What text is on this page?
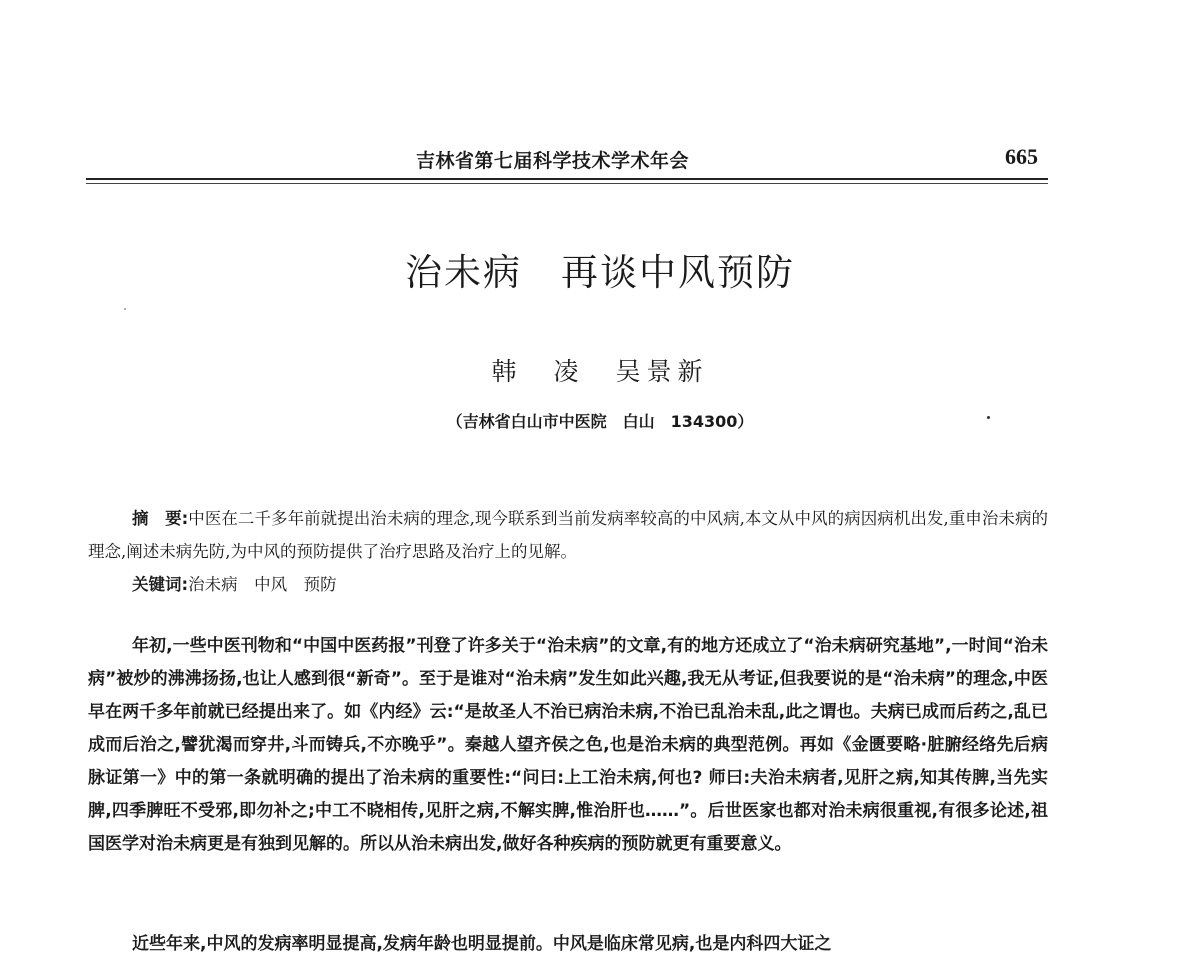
吉林省第七届科学技术学术年会	665
治未病　再谈中风预防
韩　凌　吴景新
（吉林省白山市中医院　白山　134300）

摘　要:中医在二千多年前就提出治未病的理念,现今联系到当前发病率较高的中风病,本文从中风的病因病机出发,重申治未病的理念,阐述未病先防,为中风的预防提供了治疗思路及治疗上的见解。

关键词:治未病　中风　预防

年初,一些中医刊物和“中国中医药报”刊登了许多关于“治未病”的文章,有的地方还成立了“治未病研究基地”,一时间“治未病”被炒的沸沸扬扬,也让人感到很“新奇”。至于是谁对“治未病”发生如此兴趣,我无从考证,但我要说的是“治未病”的理念,中医早在两千多年前就已经提出来了。如《内经》云:“是故圣人不治已病治未病,不治已乱治未乱,此之谓也。夫病已成而后药之,乱已成而后治之,譬犹渴而穿井,斗而铸兵,不亦晚乎”。秦越人望齐侯之色,也是治未病的典型范例。再如《金匮要略·脏腑经络先后病脉证第一》中的第一条就明确的提出了治未病的重要性:“问曰:上工治未病,何也? 师曰:夫治未病者,见肝之病,知其传脾,当先实脾,四季脾旺不受邪,即勿补之;中工不晓相传,见肝之病,不解实脾,惟治肝也……”。后世医家也都对治未病很重视,有很多论述,祖国医学对治未病更是有独到见解的。所以从治未病出发,做好各种疾病的预防就更有重要意义。

近些年来,中风的发病率明显提高,发病年龄也明显提前。中风是临床常见病,也是内科四大证之
